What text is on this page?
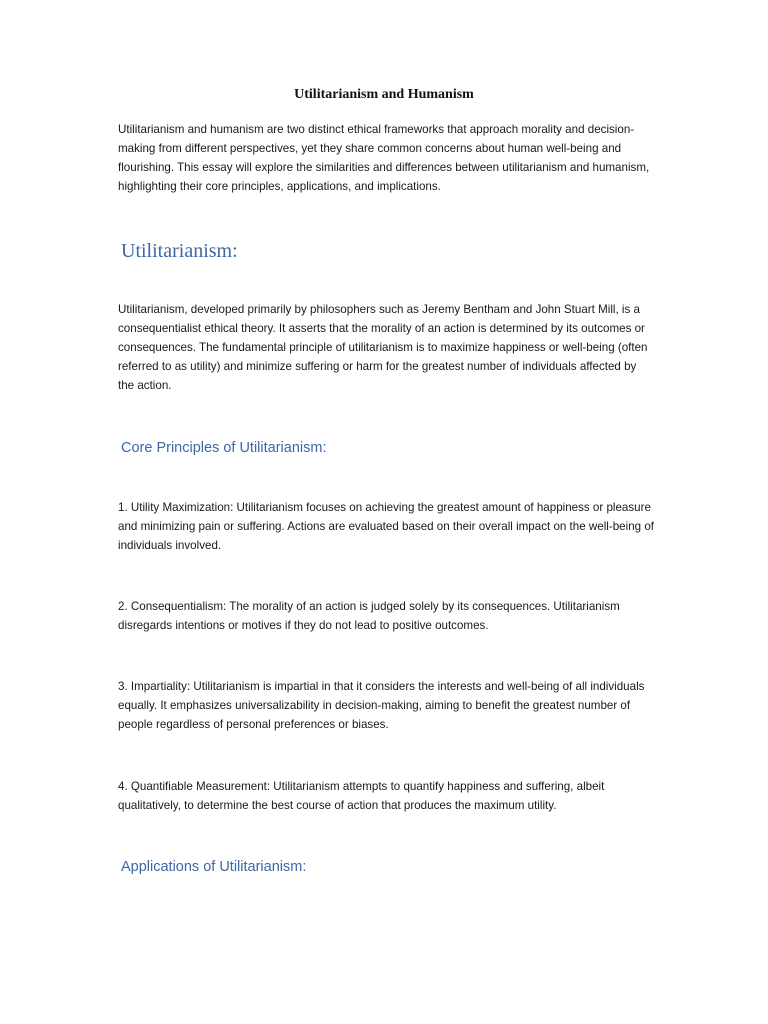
Utilitarianism and Humanism

Utilitarianism and humanism are two distinct ethical frameworks that approach morality and decision-making from different perspectives, yet they share common concerns about human well-being and flourishing. This essay will explore the similarities and differences between utilitarianism and humanism, highlighting their core principles, applications, and implications.

Utilitarianism:

Utilitarianism, developed primarily by philosophers such as Jeremy Bentham and John Stuart Mill, is a consequentialist ethical theory. It asserts that the morality of an action is determined by its outcomes or consequences. The fundamental principle of utilitarianism is to maximize happiness or well-being (often referred to as utility) and minimize suffering or harm for the greatest number of individuals affected by the action.

Core Principles of Utilitarianism:

1. Utility Maximization: Utilitarianism focuses on achieving the greatest amount of happiness or pleasure and minimizing pain or suffering. Actions are evaluated based on their overall impact on the well-being of individuals involved.

2. Consequentialism: The morality of an action is judged solely by its consequences. Utilitarianism disregards intentions or motives if they do not lead to positive outcomes.

3. Impartiality: Utilitarianism is impartial in that it considers the interests and well-being of all individuals equally. It emphasizes universalizability in decision-making, aiming to benefit the greatest number of people regardless of personal preferences or biases.

4. Quantifiable Measurement: Utilitarianism attempts to quantify happiness and suffering, albeit qualitatively, to determine the best course of action that produces the maximum utility.

Applications of Utilitarianism:
